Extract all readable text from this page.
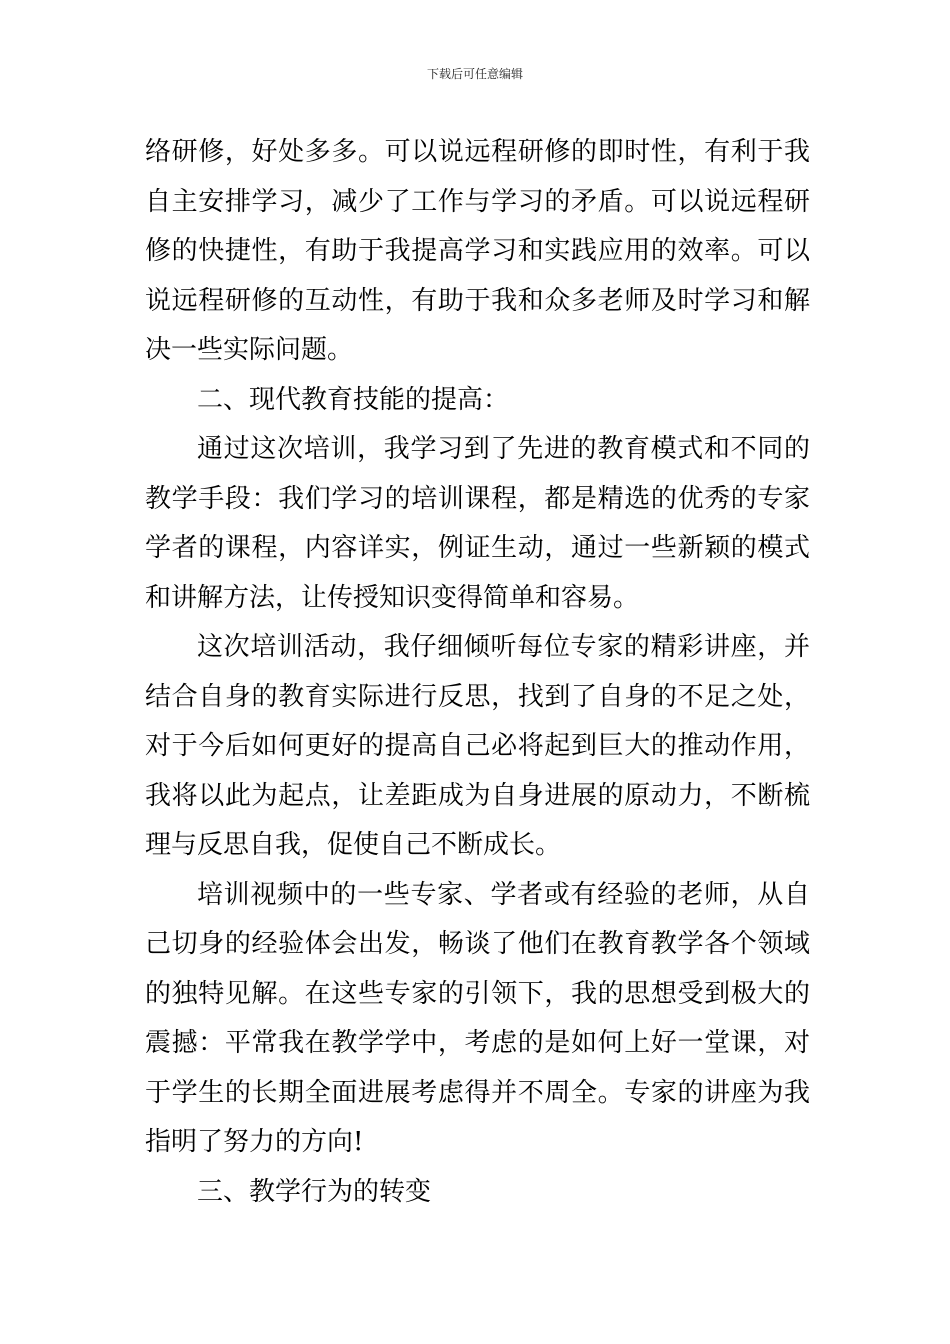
下载后可任意编辑

络研修，好处多多。可以说远程研修的即时性，有利于我自主安排学习，减少了工作与学习的矛盾。可以说远程研修的快捷性，有助于我提高学习和实践应用的效率。可以说远程研修的互动性，有助于我和众多老师及时学习和解决一些实际问题。

二、现代教育技能的提高：

通过这次培训，我学习到了先进的教育模式和不同的教学手段：我们学习的培训课程，都是精选的优秀的专家学者的课程，内容详实，例证生动，通过一些新颖的模式和讲解方法，让传授知识变得简单和容易。

这次培训活动，我仔细倾听每位专家的精彩讲座，并结合自身的教育实际进行反思，找到了自身的不足之处，对于今后如何更好的提高自己必将起到巨大的推动作用，我将以此为起点，让差距成为自身进展的原动力，不断梳理与反思自我，促使自己不断成长。

培训视频中的一些专家、学者或有经验的老师，从自己切身的经验体会出发，畅谈了他们在教育教学各个领域的独特见解。在这些专家的引领下，我的思想受到极大的震撼：平常我在教学学中，考虑的是如何上好一堂课，对于学生的长期全面进展考虑得并不周全。专家的讲座为我指明了努力的方向!

三、教学行为的转变
